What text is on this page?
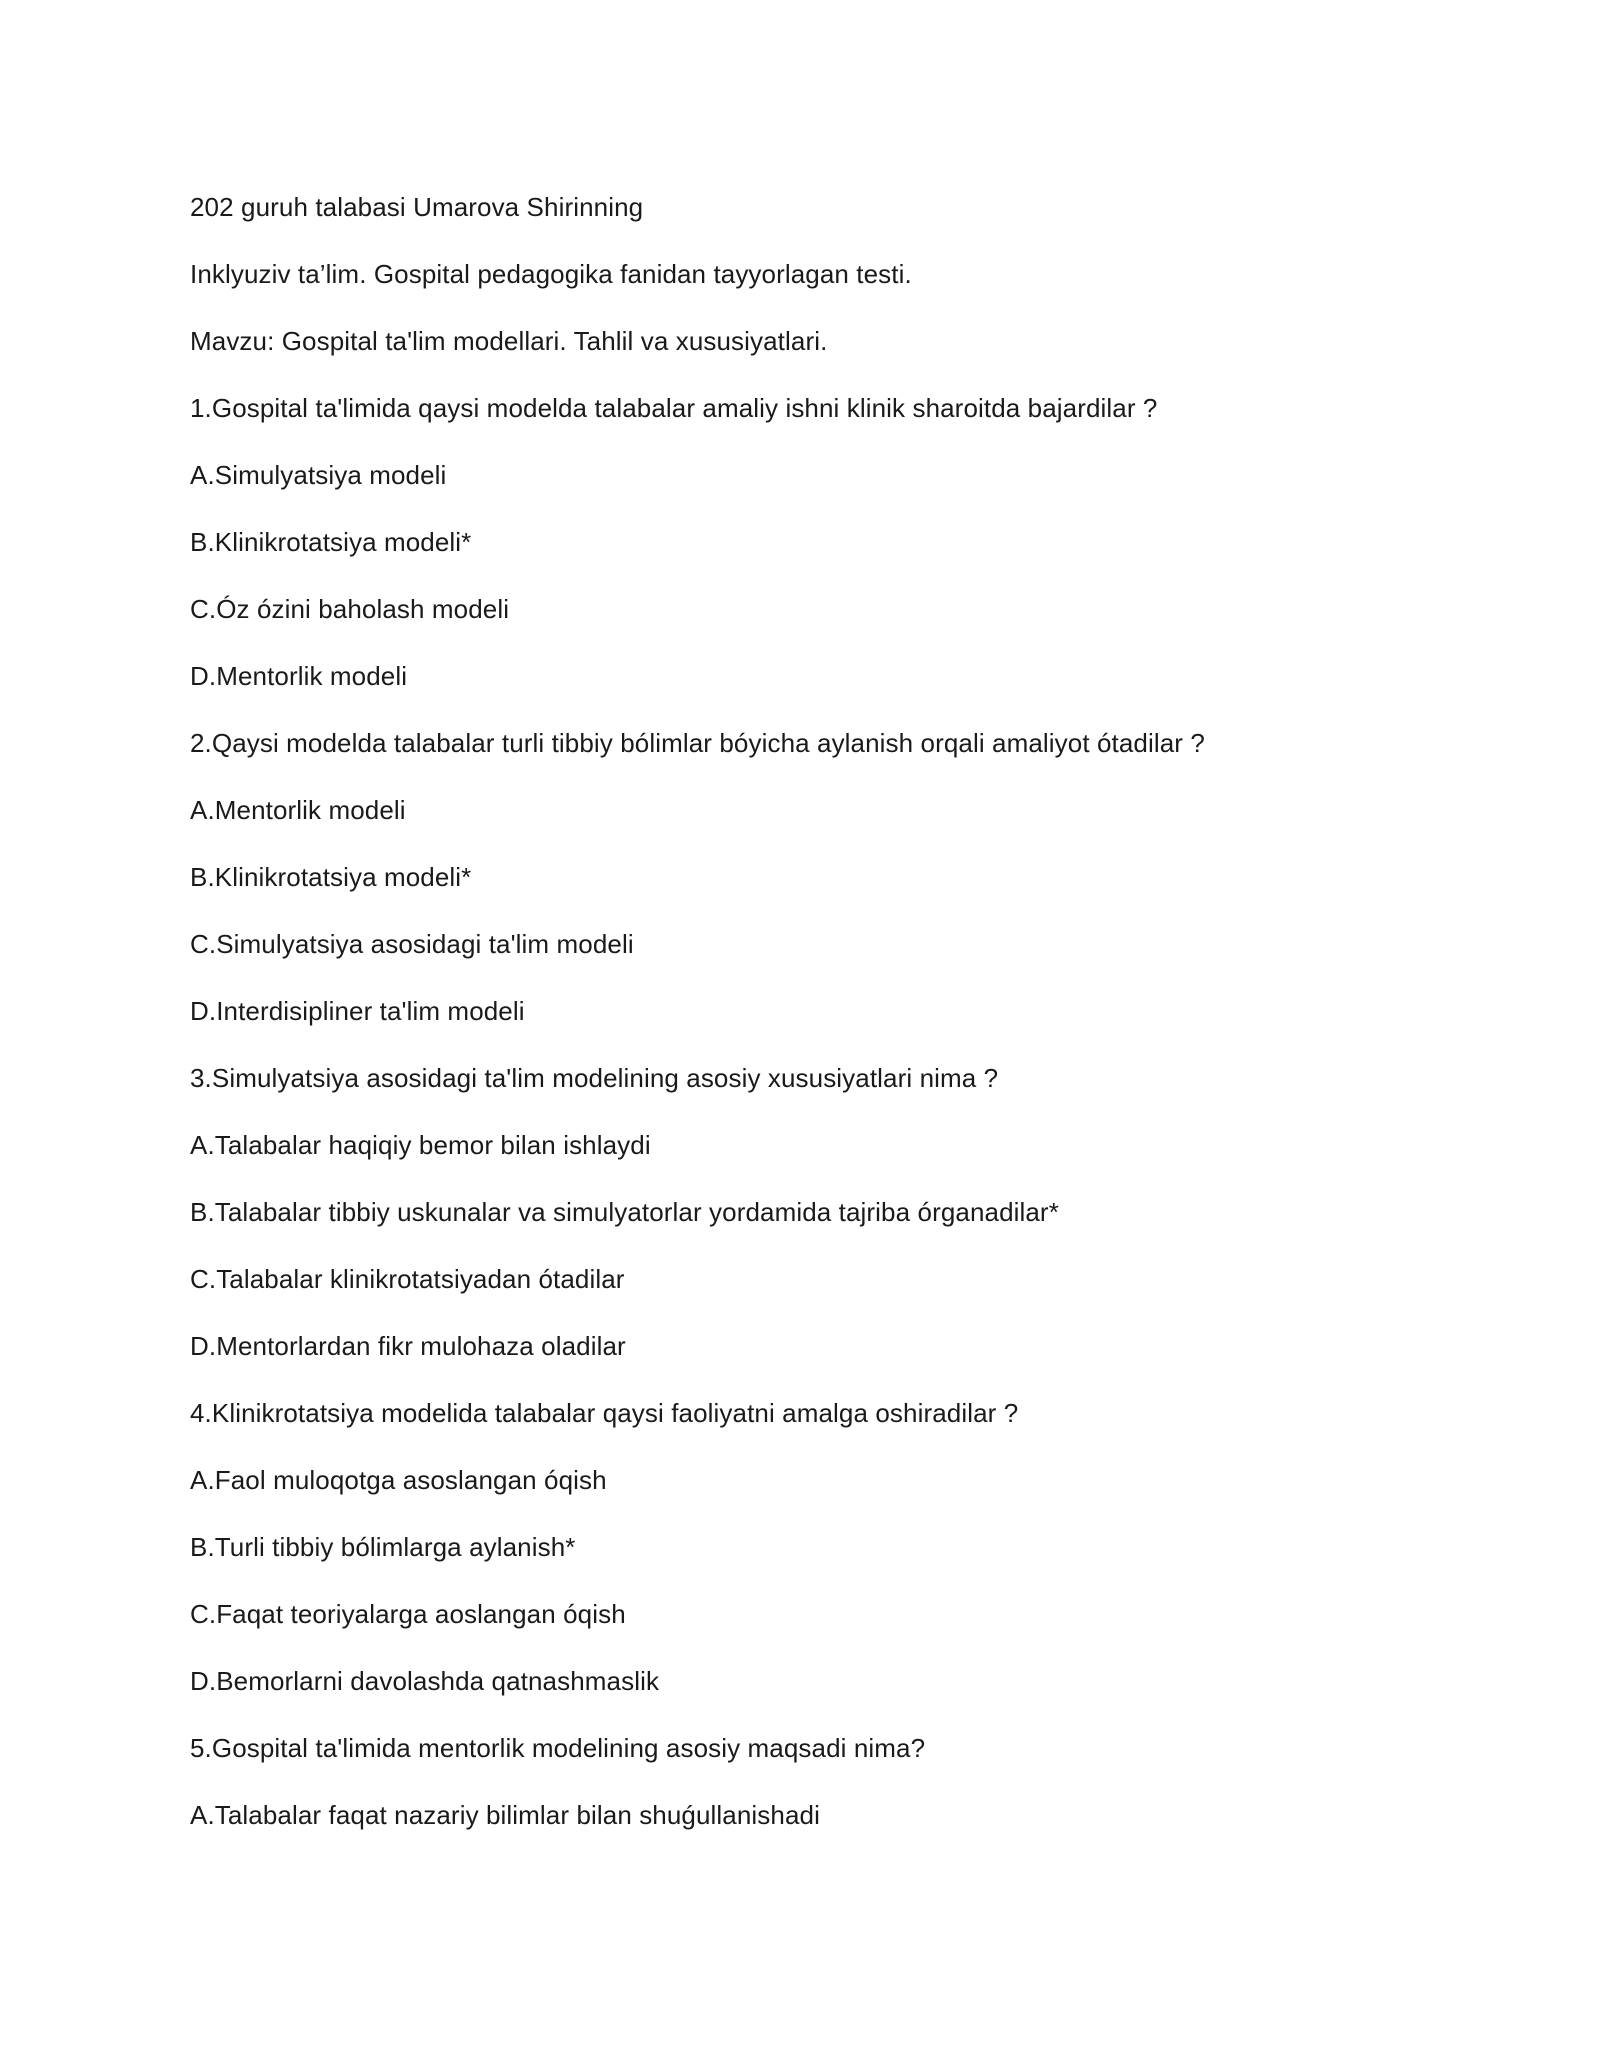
202 guruh talabasi Umarova Shirinning
Inklyuziv ta’lim. Gospital pedagogika fanidan tayyorlagan testi.
Mavzu: Gospital ta'lim modellari. Tahlil va xususiyatlari.
1.Gospital ta'limida qaysi modelda talabalar amaliy ishni klinik sharoitda bajardilar ?
A.Simulyatsiya modeli
B.Klinikrotatsiya modeli*
C.Óz ózini baholash modeli
D.Mentorlik modeli
2.Qaysi modelda talabalar turli tibbiy bólimlar bóyicha aylanish orqali amaliyot ótadilar ?
A.Mentorlik modeli
B.Klinikrotatsiya modeli*
C.Simulyatsiya asosidagi ta'lim modeli
D.Interdisipliner ta'lim modeli
3.Simulyatsiya asosidagi ta'lim modelining asosiy xususiyatlari nima ?
A.Talabalar haqiqiy bemor bilan ishlaydi
B.Talabalar tibbiy uskunalar va simulyatorlar yordamida tajriba órganadilar*
C.Talabalar klinikrotatsiyadan ótadilar
D.Mentorlardan fikr mulohaza oladilar
4.Klinikrotatsiya modelida talabalar qaysi faoliyatni amalga oshiradilar ?
A.Faol muloqotga asoslangan óqish
B.Turli tibbiy bólimlarga aylanish*
C.Faqat teoriyalarga aoslangan óqish
D.Bemorlarni davolashda qatnashmaslik
5.Gospital ta'limida mentorlik modelining asosiy maqsadi nima?
A.Talabalar faqat nazariy bilimlar bilan shuǵullanishadi
